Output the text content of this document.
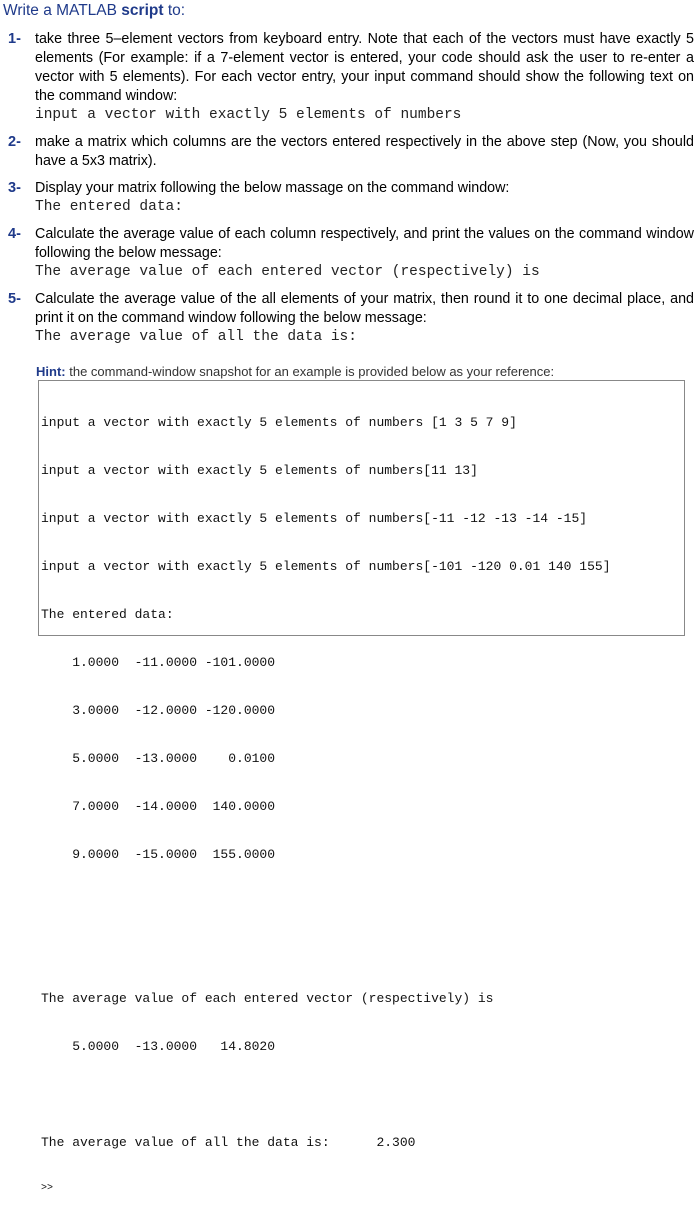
Write a MATLAB script to:
1- take three 5–element vectors from keyboard entry. Note that each of the vectors must have exactly 5 elements (For example: if a 7-element vector is entered, your code should ask the user to re-enter a vector with 5 elements). For each vector entry, your input command should show the following text on the command window:
input a vector with exactly 5 elements of numbers
2- make a matrix which columns are the vectors entered respectively in the above step (Now, you should have a 5x3 matrix).
3- Display your matrix following the below massage on the command window:
The entered data:
4- Calculate the average value of each column respectively, and print the values on the command window following the below message:
The average value of each entered vector (respectively) is
5- Calculate the average value of the all elements of your matrix, then round it to one decimal place, and print it on the command window following the below message:
The average value of all the data is:
Hint: the command-window snapshot for an example is provided below as your reference:

input a vector with exactly 5 elements of numbers [1 3 5 7 9]

input a vector with exactly 5 elements of numbers[11 13]

input a vector with exactly 5 elements of numbers[-11 -12 -13 -14 -15]

input a vector with exactly 5 elements of numbers[-101 -120 0.01 140 155]

The entered data:

1.0000  -11.0000 -101.0000

3.0000  -12.0000 -120.0000

5.0000  -13.0000    0.0100

7.0000  -14.0000  140.0000

9.0000  -15.0000  155.0000

The average value of each entered vector (respectively) is

5.0000  -13.0000   14.8020

The average value of all the data is:      2.300

>>
